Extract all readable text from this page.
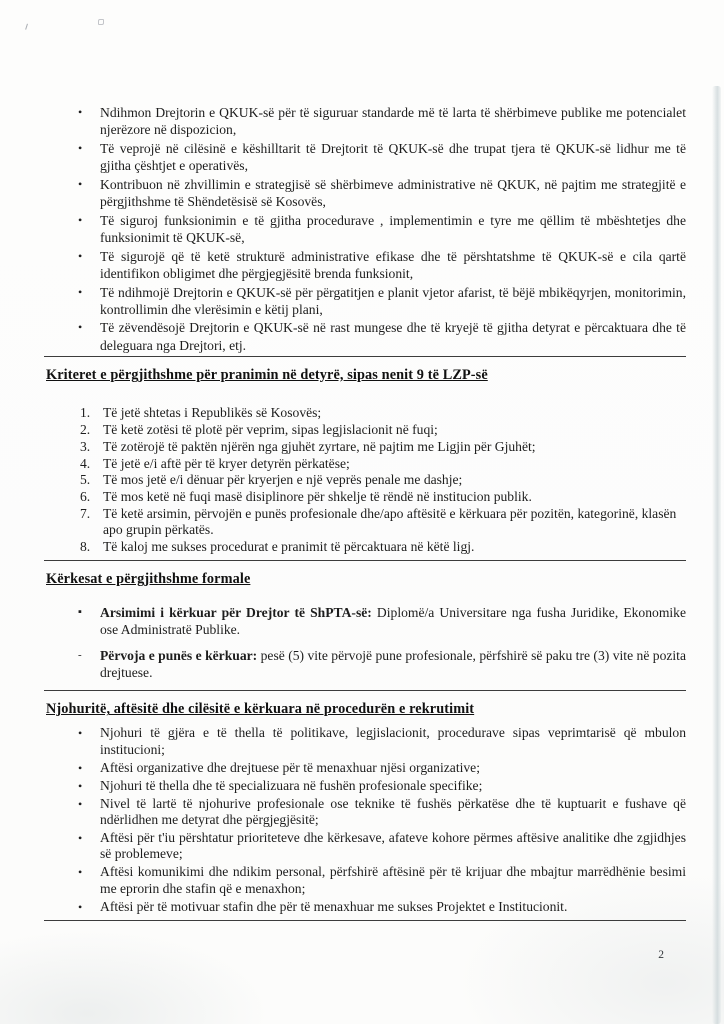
•	Ndihmon Drejtorin e QKUK-së për të siguruar standarde më të larta të shërbimeve publike me potencialet njerëzore në dispozicion,
•	Të veprojë në cilësinë e këshilltarit të Drejtorit të QKUK-së dhe trupat tjera të QKUK-së lidhur me të gjitha çështjet e operativës,
•	Kontribuon në zhvillimin e strategjisë së shërbimeve administrative në QKUK, në pajtim me strategjitë e përgjithshme të Shëndetësisë së Kosovës,
•	Të siguroj funksionimin e të gjitha procedurave , implementimin e tyre me qëllim të mbështetjes dhe funksionimit të QKUK-së,
•	Të sigurojë që të ketë strukturë administrative efikase dhe të përshtatshme të QKUK-së e cila qartë identifikon obligimet dhe përgjegjësitë brenda funksionit,
•	Të ndihmojë Drejtorin e QKUK-së për përgatitjen e planit vjetor afarist, të bëjë mbikëqyrjen, monitorimin, kontrollimin dhe vlerësimin e këtij plani,
•	Të zëvendësojë Drejtorin e QKUK-së në rast mungese dhe të kryejë të gjitha detyrat e përcaktuara dhe të deleguara nga Drejtori, etj.
Kriteret e përgjithshme për pranimin në detyrë, sipas nenit 9 të LZP-së
1. Të jetë shtetas i Republikës së Kosovës;
2. Të ketë zotësi të plotë për veprim, sipas legjislacionit në fuqi;
3. Të zotërojë të paktën njërën nga gjuhët zyrtare, në pajtim me Ligjin për Gjuhët;
4. Të jetë e/i aftë për të kryer detyrën përkatëse;
5. Të mos jetë e/i dënuar për kryerjen e një veprës penale me dashje;
6. Të mos ketë në fuqi masë disiplinore për shkelje të rëndë në institucion publik.
7. Të ketë arsimin, përvojën e punës profesionale dhe/apo aftësitë e kërkuara për pozitën, kategorinë, klasën apo grupin përkatës.
8. Të kaloj me sukses procedurat e pranimit të përcaktuara në këtë ligj.
Kërkesat e përgjithshme formale
▪	Arsimimi i kërkuar për Drejtor të ShPTA-së: Diplomë/a Universitare nga fusha Juridike, Ekonomike ose Administratë Publike.
-	Përvoja e punës e kërkuar: pesë (5) vite përvojë pune profesionale, përfshirë së paku tre (3) vite në pozita drejtuese.
Njohuritë, aftësitë dhe cilësitë e kërkuara në procedurën e rekrutimit
•	Njohuri të gjëra e të thella të politikave, legjislacionit, procedurave sipas veprimtarisë që mbulon institucioni;
•	Aftësi organizative dhe drejtuese për të menaxhuar njësi organizative;
•	Njohuri të thella dhe të specializuara në fushën profesionale specifike;
•	Nivel të lartë të njohurive profesionale ose teknike të fushës përkatëse dhe të kuptuarit e fushave që ndërlidhen me detyrat dhe përgjegjësitë;
•	Aftësi për t'iu përshtatur prioriteteve dhe kërkesave, afateve kohore përmes aftësive analitike dhe zgjidhjes së problemeve;
•	Aftësi komunikimi dhe ndikim personal, përfshirë aftësinë për të krijuar dhe mbajtur marrëdhënie besimi me eprorin dhe stafin që e menaxhon;
•	Aftësi për të motivuar stafin dhe për të menaxhuar me sukses Projektet e Institucionit.
2
